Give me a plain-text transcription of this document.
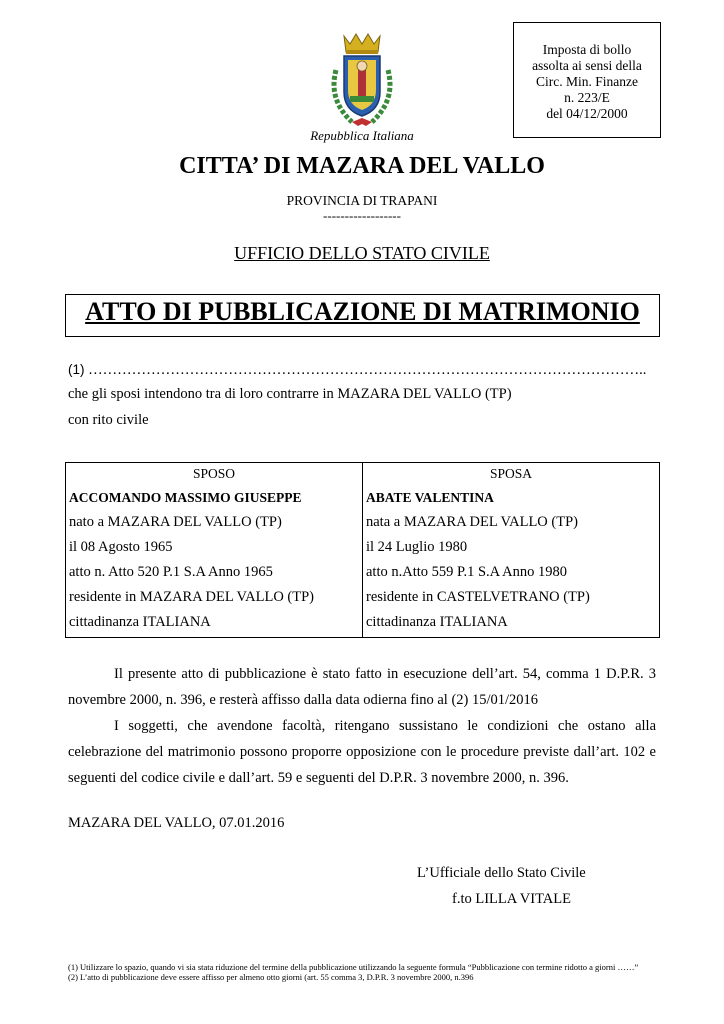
Imposta di bollo
assolta ai sensi della
Circ. Min. Finanze
n. 223/E
del 04/12/2000
Repubblica Italiana
CITTA’ DI MAZARA DEL VALLO
PROVINCIA DI TRAPANI
------------------
UFFICIO DELLO STATO CIVILE
ATTO DI PUBBLICAZIONE DI MATRIMONIO
(1) ……………………………………………………………………………………………………..
che gli sposi intendono tra di loro contrarre in MAZARA DEL VALLO (TP)
con rito civile
SPOSO
ACCOMANDO MASSIMO GIUSEPPE
nato a MAZARA DEL VALLO (TP)
il 08 Agosto 1965
atto n. Atto 520 P.1 S.A Anno 1965
residente in MAZARA DEL VALLO (TP)
cittadinanza ITALIANA
SPOSA
ABATE VALENTINA
nata a MAZARA DEL VALLO (TP)
il 24 Luglio 1980
atto n.Atto 559 P.1 S.A Anno 1980
residente in CASTELVETRANO (TP)
cittadinanza ITALIANA
Il presente atto di pubblicazione è stato fatto in esecuzione dell’art. 54, comma 1 D.P.R. 3 novembre 2000, n. 396, e resterà affisso dalla data odierna fino al (2) 15/01/2016
I soggetti, che avendone facoltà, ritengano sussistano le condizioni che ostano alla celebrazione del matrimonio possono proporre opposizione con le procedure previste dall’art. 102 e seguenti del codice civile e dall’art. 59 e seguenti del D.P.R. 3 novembre 2000, n. 396.
MAZARA DEL VALLO, 07.01.2016
L’Ufficiale dello Stato Civile
f.to LILLA VITALE
(1) Utilizzare lo spazio, quando vi sia stata riduzione del termine della pubblicazione utilizzando la seguente formula “Pubblicazione con termine ridotto a giorni ……”
(2) L’atto di pubblicazione deve essere affisso per almeno otto giorni (art. 55 comma 3, D.P.R. 3 novembre 2000, n.396
